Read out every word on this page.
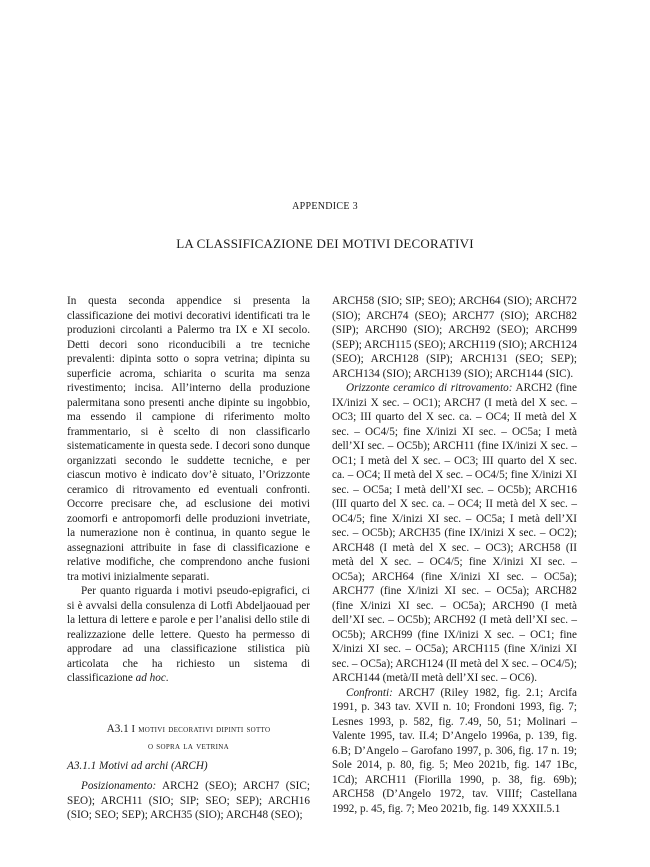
APPENDICE 3
LA CLASSIFICAZIONE DEI MOTIVI DECORATIVI

In questa seconda appendice si presenta la classificazione dei motivi decorativi identificati tra le produzioni circolanti a Palermo tra IX e XI secolo. Detti decori sono riconducibili a tre tecniche prevalenti: dipinta sotto o sopra vetrina; dipinta su superficie acroma, schiarita o scurita ma senza rivestimento; incisa. All’interno della produzione palermitana sono presenti anche dipinte su ingobbio, ma essendo il campione di riferimento molto frammentario, si è scelto di non classificarlo sistematicamente in questa sede. I decori sono dunque organizzati secondo le suddette tecniche, e per ciascun motivo è indicato dov’è situato, l’Orizzonte ceramico di ritrovamento ed eventuali confronti. Occorre precisare che, ad esclusione dei motivi zoomorfi e antropomorfi delle produzioni invetriate, la numerazione non è continua, in quanto segue le assegnazioni attribuite in fase di classificazione e relative modifiche, che comprendono anche fusioni tra motivi inizialmente separati.

Per quanto riguarda i motivi pseudo-epigrafici, ci si è avvalsi della consulenza di Lotfi Abdeljaouad per la lettura di lettere e parole e per l’analisi dello stile di realizzazione delle lettere. Questo ha permesso di approdare ad una classificazione stilistica più articolata che ha richiesto un sistema di classificazione ad hoc.

A3.1 I motivi decorativi dipinti sotto
o sopra la vetrina
A3.1.1 Motivi ad archi (ARCH)

Posizionamento: ARCH2 (SEO); ARCH7 (SIC; SEO); ARCH11 (SIO; SIP; SEO; SEP); ARCH16 (SIO; SEO; SEP); ARCH35 (SIO); ARCH48 (SEO);

ARCH58 (SIO; SIP; SEO); ARCH64 (SIO); ARCH72 (SIO); ARCH74 (SEO); ARCH77 (SIO); ARCH82 (SIP); ARCH90 (SIO); ARCH92 (SEO); ARCH99 (SEP); ARCH115 (SEO); ARCH119 (SIO); ARCH124 (SEO); ARCH128 (SIP); ARCH131 (SEO; SEP); ARCH134 (SIO); ARCH139 (SIO); ARCH144 (SIC).

Orizzonte ceramico di ritrovamento: ARCH2 (fine IX/inizi X sec. – OC1); ARCH7 (I metà del X sec. – OC3; III quarto del X sec. ca. – OC4; II metà del X sec. – OC4/5; fine X/inizi XI sec. – OC5a; I metà dell’XI sec. – OC5b); ARCH11 (fine IX/inizi X sec. – OC1; I metà del X sec. – OC3; III quarto del X sec. ca. – OC4; II metà del X sec. – OC4/5; fine X/inizi XI sec. – OC5a; I metà dell’XI sec. – OC5b); ARCH16 (III quarto del X sec. ca. – OC4; II metà del X sec. – OC4/5; fine X/inizi XI sec. – OC5a; I metà dell’XI sec. – OC5b); ARCH35 (fine IX/inizi X sec. – OC2); ARCH48 (I metà del X sec. – OC3); ARCH58 (II metà del X sec. – OC4/5; fine X/inizi XI sec. – OC5a); ARCH64 (fine X/inizi XI sec. – OC5a); ARCH77 (fine X/inizi XI sec. – OC5a); ARCH82 (fine X/inizi XI sec. – OC5a); ARCH90 (I metà dell’XI sec. – OC5b); ARCH92 (I metà dell’XI sec. – OC5b); ARCH99 (fine IX/inizi X sec. – OC1; fine X/inizi XI sec. – OC5a); ARCH115 (fine X/inizi XI sec. – OC5a); ARCH124 (II metà del X sec. – OC4/5); ARCH144 (metà/II metà dell’XI sec. – OC6).

Confronti: ARCH7 (Riley 1982, fig. 2.1; Arcifa 1991, p. 343 tav. XVII n. 10; Frondoni 1993, fig. 7; Lesnes 1993, p. 582, fig. 7.49, 50, 51; Molinari – Valente 1995, tav. II.4; D’Angelo 1996a, p. 139, fig. 6.B; D’Angelo – Garofano 1997, p. 306, fig. 17 n. 19; Sole 2014, p. 80, fig. 5; Meo 2021b, fig. 147 1Bc, 1Cd); ARCH11 (Fiorilla 1990, p. 38, fig. 69b); ARCH58 (D’Angelo 1972, tav. VIIIf; Castellana 1992, p. 45, fig. 7; Meo 2021b, fig. 149 XXXII.5.1
